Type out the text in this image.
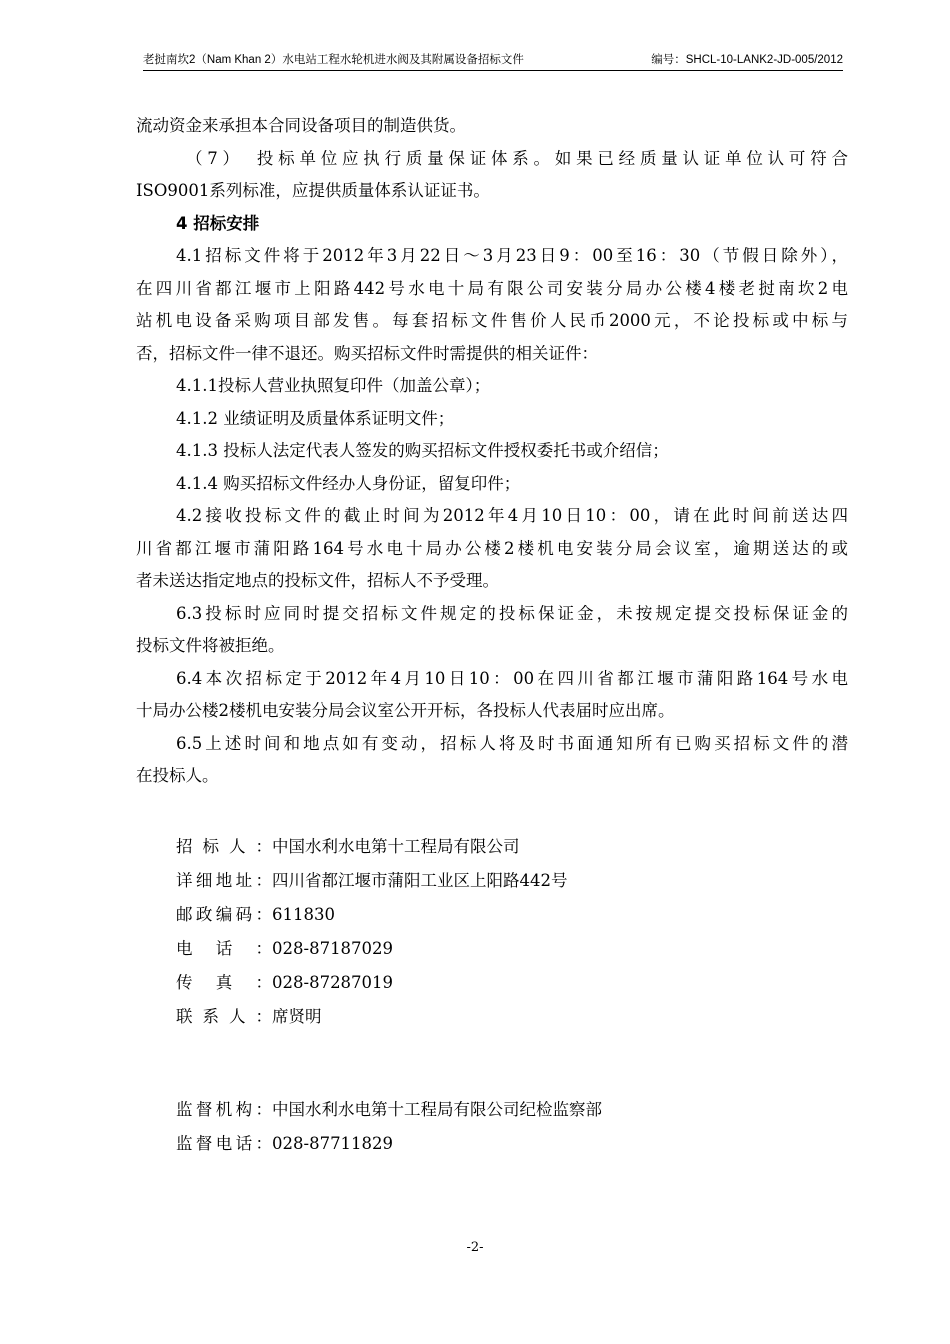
老挝南坎2（Nam Khan 2）水电站工程水轮机进水阀及其附属设备招标文件	编号：SHCL-10-LANK2-JD-005/2012
流动资金来承担本合同设备项目的制造供货。
（7）　投标单位应执行质量保证体系。如果已经质量认证单位认可符合
ISO9001系列标准，应提供质量体系认证证书。
4 招标安排
4.1招标文件将于2012年3月22日～3月23日9：00至16：30（节假日除外），
在四川省都江堰市上阳路442号水电十局有限公司安装分局办公楼4楼老挝南坎2电
站机电设备采购项目部发售。每套招标文件售价人民币2000元，不论投标或中标与
否，招标文件一律不退还。购买招标文件时需提供的相关证件：
4.1.1投标人营业执照复印件（加盖公章）；
4.1.2 业绩证明及质量体系证明文件；
4.1.3 投标人法定代表人签发的购买招标文件授权委托书或介绍信；
4.1.4 购买招标文件经办人身份证，留复印件；
4.2接收投标文件的截止时间为2012年4月10日10：00，请在此时间前送达四
川省都江堰市蒲阳路164号水电十局办公楼2楼机电安装分局会议室，逾期送达的或
者未送达指定地点的投标文件，招标人不予受理。
6.3投标时应同时提交招标文件规定的投标保证金，未按规定提交投标保证金的
投标文件将被拒绝。
6.4本次招标定于2012年4月10日10：00在四川省都江堰市蒲阳路164号水电
十局办公楼2楼机电安装分局会议室公开开标，各投标人代表届时应出席。
6.5上述时间和地点如有变动，招标人将及时书面通知所有已购买招标文件的潜
在投标人。
招标人：中国水利水电第十工程局有限公司
详细地址：四川省都江堰市蒲阳工业区上阳路442号
邮政编码：611830
电话：028-87187029
传真：028-87287019
联系人：席贤明
监督机构：中国水利水电第十工程局有限公司纪检监察部
监督电话：028-87711829
-2-
